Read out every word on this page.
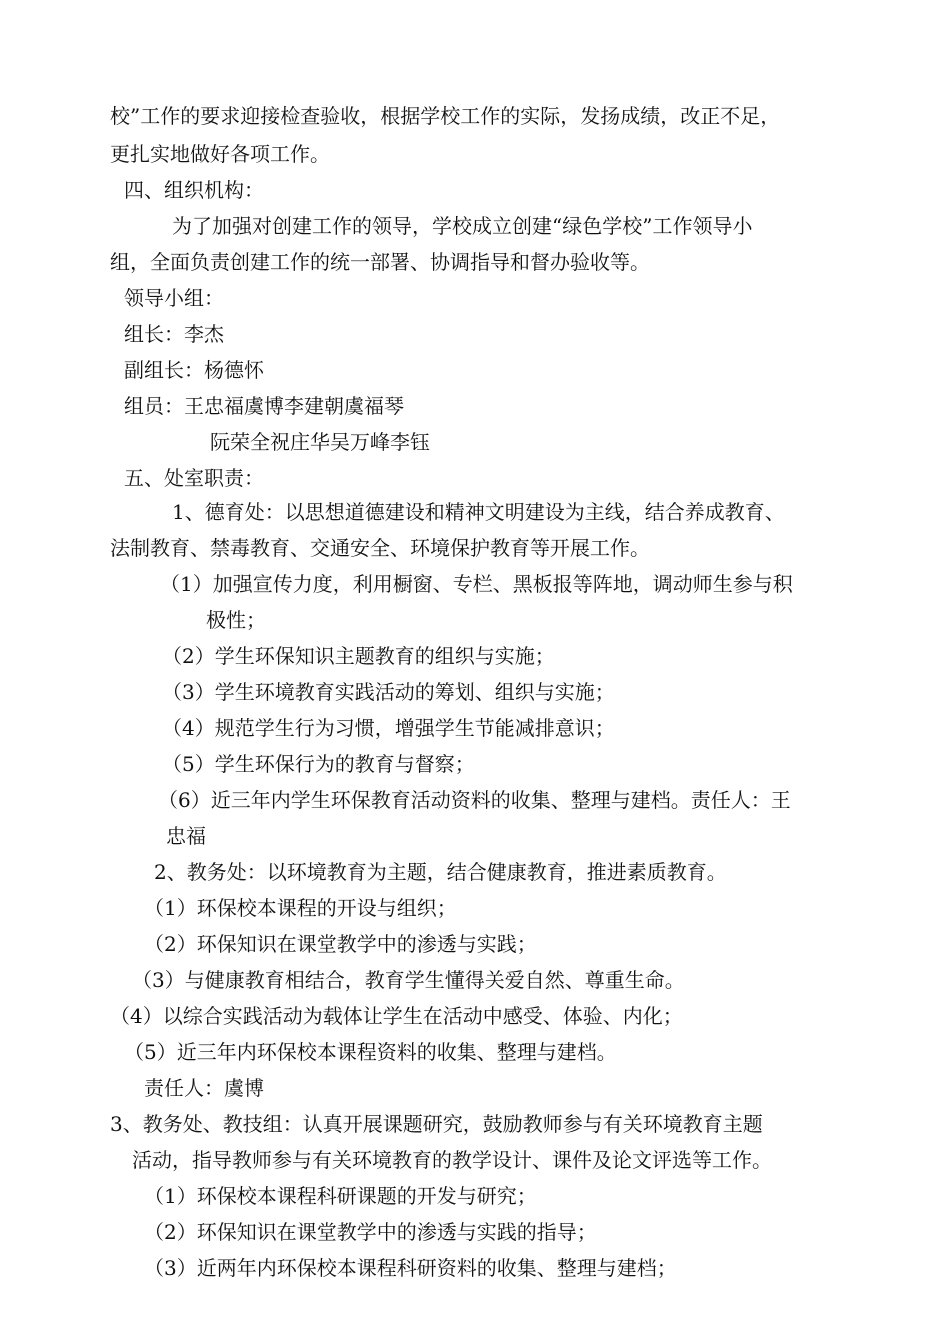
校”工作的要求迎接检查验收，根据学校工作的实际，发扬成绩，改正不足，
更扎实地做好各项工作。
四、组织机构：
为了加强对创建工作的领导，学校成立创建“绿色学校”工作领导小
组，全面负责创建工作的统一部署、协调指导和督办验收等。
领导小组：
组长：李杰
副组长：杨德怀
组员：王忠福虞博李建朝虞福琴
阮荣全祝庄华吴万峰李钰
五、处室职责：
1、德育处：以思想道德建设和精神文明建设为主线，结合养成教育、
法制教育、禁毒教育、交通安全、环境保护教育等开展工作。
（1）加强宣传力度，利用橱窗、专栏、黑板报等阵地，调动师生参与积
极性；
（2）学生环保知识主题教育的组织与实施；
（3）学生环境教育实践活动的筹划、组织与实施；
（4）规范学生行为习惯，增强学生节能减排意识；
（5）学生环保行为的教育与督察；
（6）近三年内学生环保教育活动资料的收集、整理与建档。责任人：王
忠福
2、教务处：以环境教育为主题，结合健康教育，推进素质教育。
（1）环保校本课程的开设与组织；
（2）环保知识在课堂教学中的渗透与实践；
（3）与健康教育相结合，教育学生懂得关爱自然、尊重生命。
（4）以综合实践活动为载体让学生在活动中感受、体验、内化；
（5）近三年内环保校本课程资料的收集、整理与建档。
责任人：虞博
3、教务处、教技组：认真开展课题研究，鼓励教师参与有关环境教育主题
活动，指导教师参与有关环境教育的教学设计、课件及论文评选等工作。
（1）环保校本课程科研课题的开发与研究；
（2）环保知识在课堂教学中的渗透与实践的指导；
（3）近两年内环保校本课程科研资料的收集、整理与建档；
